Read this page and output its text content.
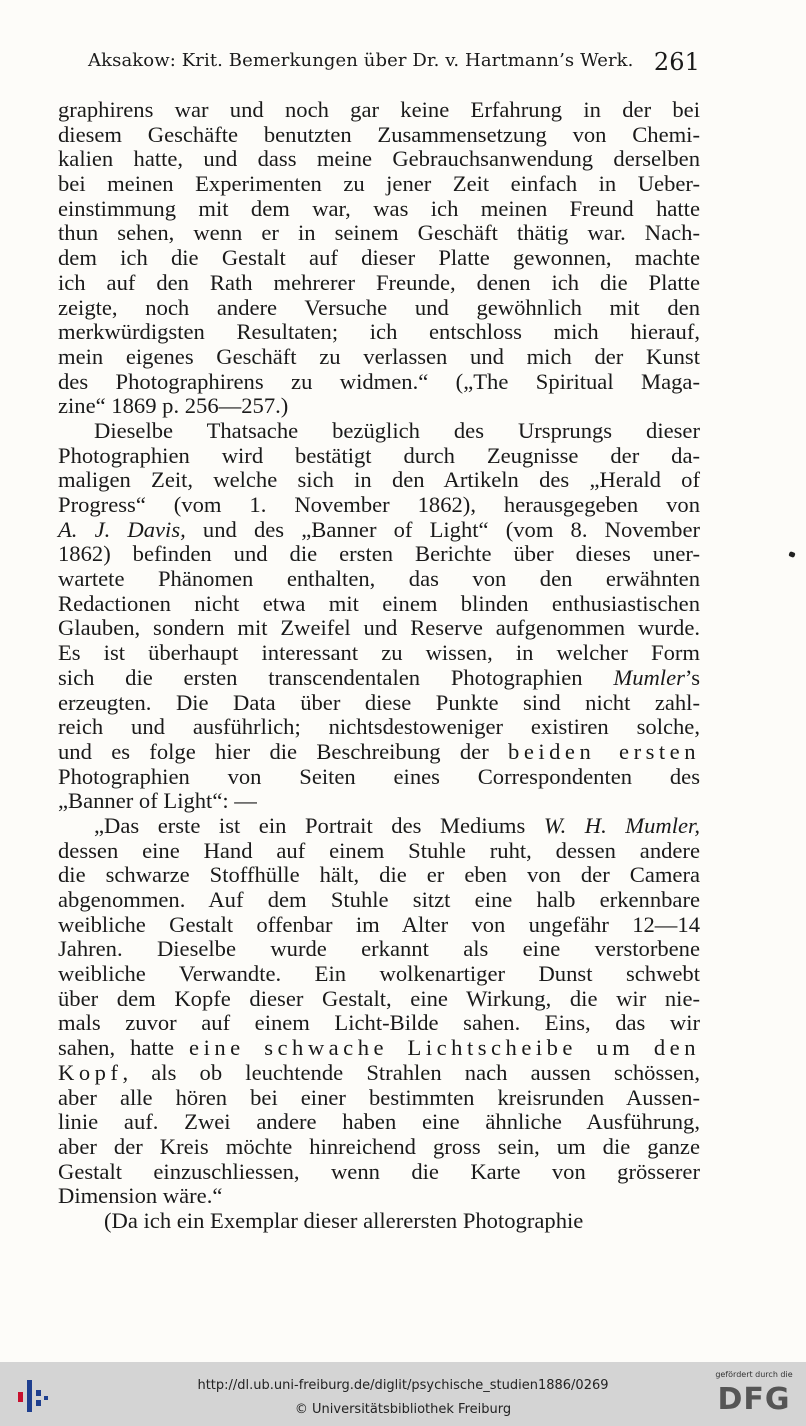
Aksakow: Krit. Bemerkungen über Dr. v. Hartmann’s Werk. 261
graphirens war und noch gar keine Erfahrung in der bei
diesem Geschäfte benutzten Zusammensetzung von Chemi-
kalien hatte, und dass meine Gebrauchsanwendung derselben
bei meinen Experimenten zu jener Zeit einfach in Ueber-
einstimmung mit dem war, was ich meinen Freund hatte
thun sehen, wenn er in seinem Geschäft thätig war. Nach-
dem ich die Gestalt auf dieser Platte gewonnen, machte
ich auf den Rath mehrerer Freunde, denen ich die Platte
zeigte, noch andere Versuche und gewöhnlich mit den
merkwürdigsten Resultaten; ich entschloss mich hierauf,
mein eigenes Geschäft zu verlassen und mich der Kunst
des Photographirens zu widmen.“ („The Spiritual Maga-
zine“ 1869 p. 256—257.)
Dieselbe Thatsache bezüglich des Ursprungs dieser
Photographien wird bestätigt durch Zeugnisse der da-
maligen Zeit, welche sich in den Artikeln des „Herald of
Progress“ (vom 1. November 1862), herausgegeben von
A. J. Davis, und des „Banner of Light“ (vom 8. November
1862) befinden und die ersten Berichte über dieses uner-
wartete Phänomen enthalten, das von den erwähnten
Redactionen nicht etwa mit einem blinden enthusiastischen
Glauben, sondern mit Zweifel und Reserve aufgenommen wurde.
Es ist überhaupt interessant zu wissen, in welcher Form
sich die ersten transcendentalen Photographien Mumler’s
erzeugten. Die Data über diese Punkte sind nicht zahl-
reich und ausführlich; nichtsdestoweniger existiren solche,
und es folge hier die Beschreibung der beiden ersten
Photographien von Seiten eines Correspondenten des
„Banner of Light“: —
„Das erste ist ein Portrait des Mediums W. H. Mumler,
dessen eine Hand auf einem Stuhle ruht, dessen andere
die schwarze Stoffhülle hält, die er eben von der Camera
abgenommen. Auf dem Stuhle sitzt eine halb erkennbare
weibliche Gestalt offenbar im Alter von ungefähr 12—14
Jahren. Dieselbe wurde erkannt als eine verstorbene
weibliche Verwandte. Ein wolkenartiger Dunst schwebt
über dem Kopfe dieser Gestalt, eine Wirkung, die wir nie-
mals zuvor auf einem Licht-Bilde sahen. Eins, das wir
sahen, hatte eine schwache Lichtscheibe um den
Kopf, als ob leuchtende Strahlen nach aussen schössen,
aber alle hören bei einer bestimmten kreisrunden Aussen-
linie auf. Zwei andere haben eine ähnliche Ausführung,
aber der Kreis möchte hinreichend gross sein, um die ganze
Gestalt einzuschliessen, wenn die Karte von grösserer
Dimension wäre.“
(Da ich ein Exemplar dieser allerersten Photographie
http://dl.ub.uni-freiburg.de/diglit/psychische_studien1886/0269
© Universitätsbibliothek Freiburg
gefördert durch die
DFG
